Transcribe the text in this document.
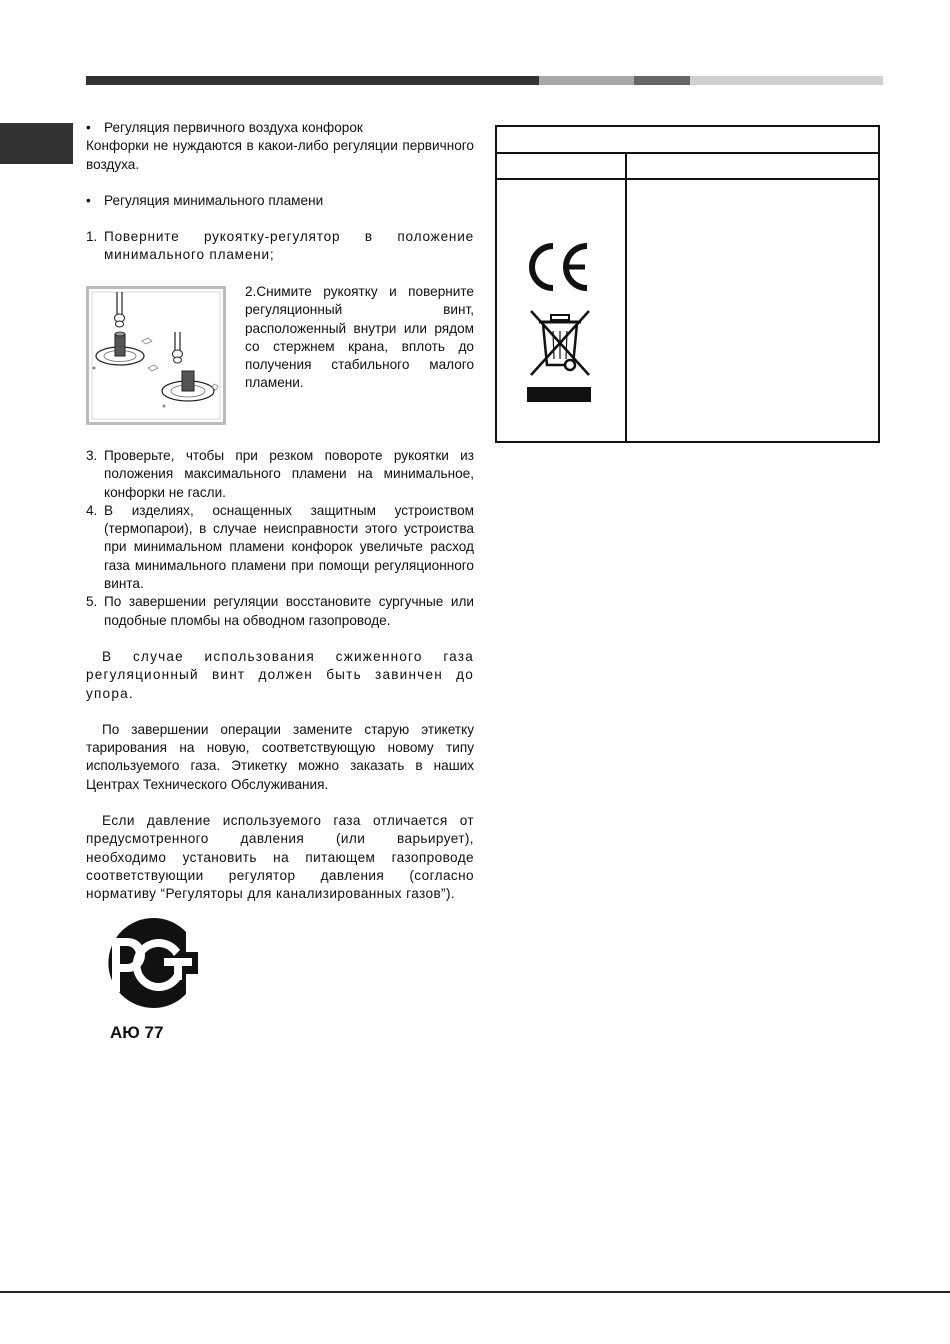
• Регуляция первичного воздуха конфорок

Конфорки не нуждаются в какои-либо регуляции первичного воздуха.

• Регуляция минимального пламени
1. Поверните рукоятку-регулятор в положение минимального пламени;
2.Снимите рукоятку и поверните регуляционный винт, расположенный внутри или рядом со стержнем крана, вплоть до получения стабильного малого пламени.
3. Проверьте, чтобы при резком повороте рукоятки из положения максимального пламени на минимальное, конфорки не гасли.
4. В изделиях, оснащенных защитным устроиством (термопарои), в случае неисправности этого устроиства при минимальном пламени конфорок увеличьте расход газа минимального пламени при помощи регуляционного винта.
5. По завершении регуляции восстановите сургучные или подобные пломбы на обводном газопроводе.

В случае использования сжиженного газа регуляционный винт должен быть завинчен до упора.

По завершении операции замените старую этикетку тарирования на новую, соответствующую новому типу используемого газа. Этикетку можно заказать в наших Центрах Технического Обслуживания.

Если давление используемого газа отличается от предусмотренного давления (или варьирует), необходимо установить на питающем газопроводе соответствующии регулятор давления (согласно нормативу “Регуляторы для канализированных газов”).

АЮ 77
